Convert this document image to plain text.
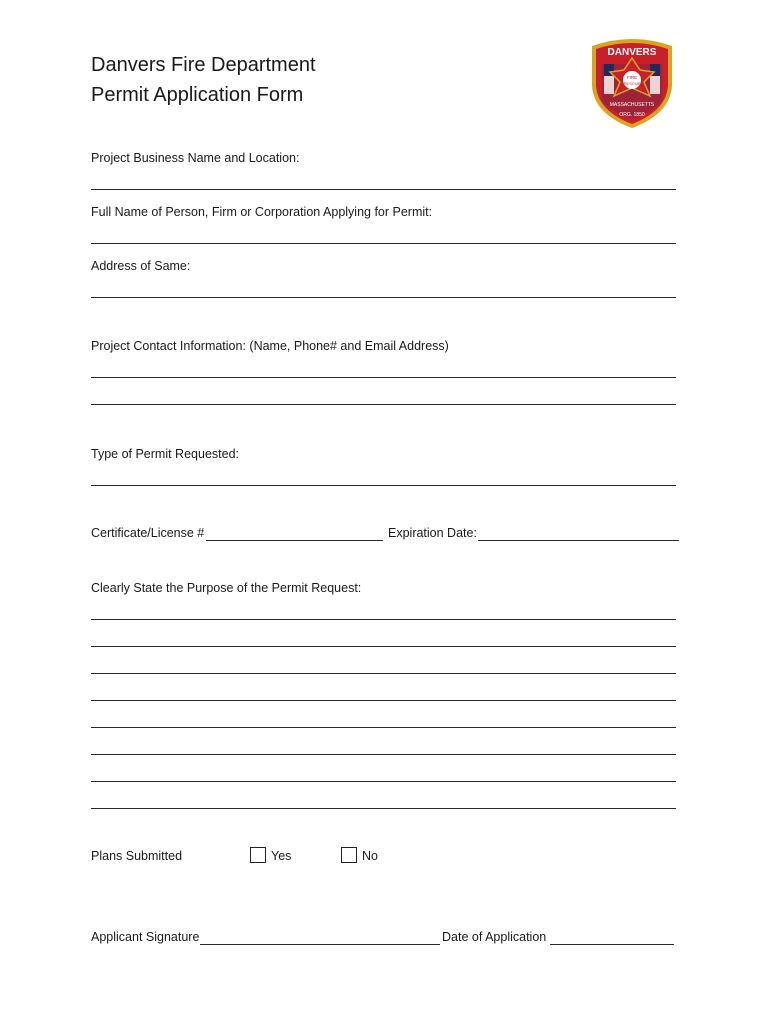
Danvers Fire Department
Permit Application Form
DANVERS
FIRE
RESCUE
MASSACHUSETTS
ORG. 1850
Project Business Name and Location:
Full Name of Person, Firm or Corporation Applying for Permit:
Address of Same:
Project Contact Information: (Name, Phone# and Email Address)
Type of Permit Requested:
Certificate/License #	Expiration Date:
Clearly State the Purpose of the Permit Request:
Plans Submitted	Yes	No
Applicant Signature	Date of Application
